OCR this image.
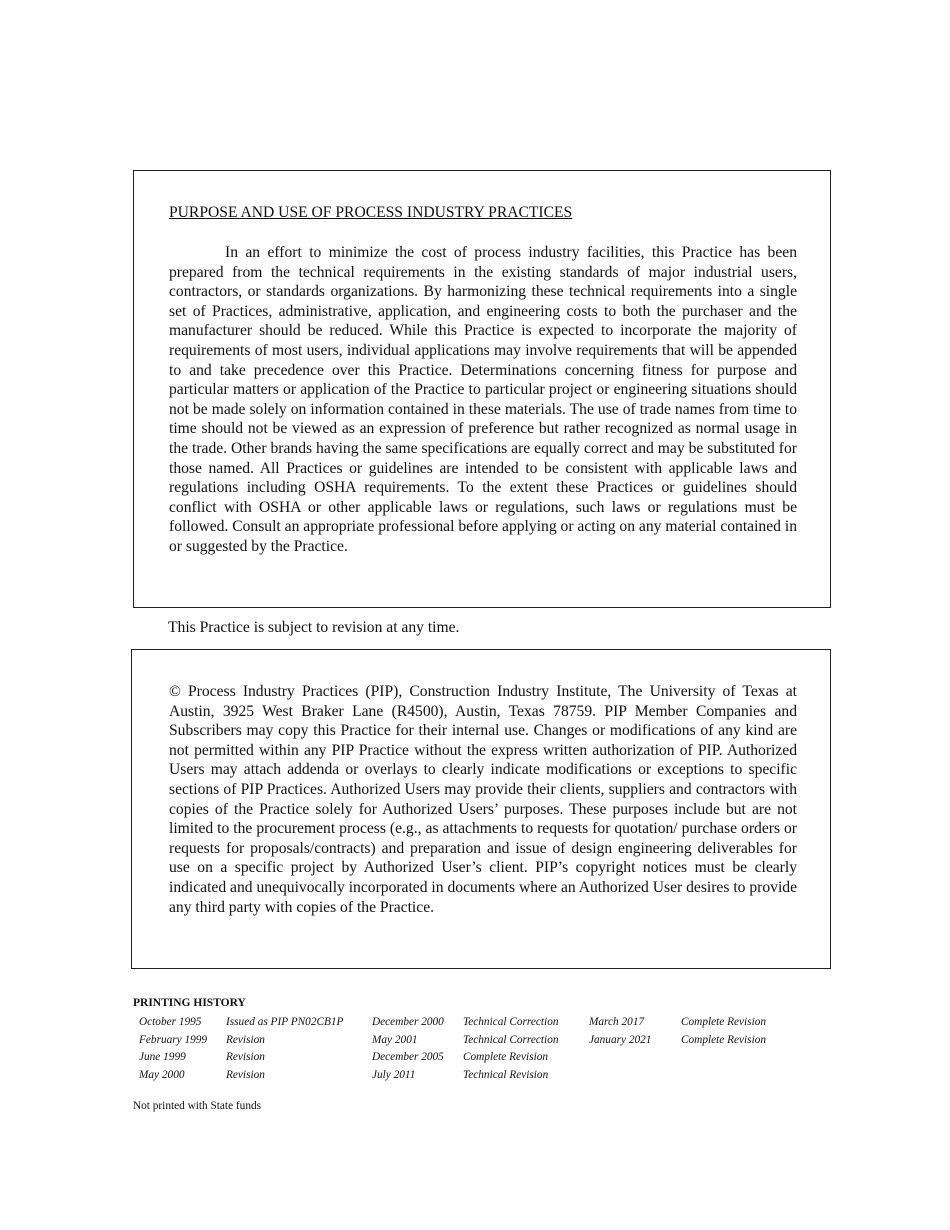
PURPOSE AND USE OF PROCESS INDUSTRY PRACTICES

In an effort to minimize the cost of process industry facilities, this Practice has been prepared from the technical requirements in the existing standards of major industrial users, contractors, or standards organizations. By harmonizing these technical requirements into a single set of Practices, administrative, application, and engineering costs to both the purchaser and the manufacturer should be reduced. While this Practice is expected to incorporate the majority of requirements of most users, individual applications may involve requirements that will be appended to and take precedence over this Practice. Determinations concerning fitness for purpose and particular matters or application of the Practice to particular project or engineering situations should not be made solely on information contained in these materials. The use of trade names from time to time should not be viewed as an expression of preference but rather recognized as normal usage in the trade. Other brands having the same specifications are equally correct and may be substituted for those named. All Practices or guidelines are intended to be consistent with applicable laws and regulations including OSHA requirements. To the extent these Practices or guidelines should conflict with OSHA or other applicable laws or regulations, such laws or regulations must be followed. Consult an appropriate professional before applying or acting on any material contained in or suggested by the Practice.

This Practice is subject to revision at any time.

© Process Industry Practices (PIP), Construction Industry Institute, The University of Texas at Austin, 3925 West Braker Lane (R4500), Austin, Texas 78759. PIP Member Companies and Subscribers may copy this Practice for their internal use. Changes or modifications of any kind are not permitted within any PIP Practice without the express written authorization of PIP. Authorized Users may attach addenda or overlays to clearly indicate modifications or exceptions to specific sections of PIP Practices. Authorized Users may provide their clients, suppliers and contractors with copies of the Practice solely for Authorized Users’ purposes. These purposes include but are not limited to the procurement process (e.g., as attachments to requests for quotation/ purchase orders or requests for proposals/contracts) and preparation and issue of design engineering deliverables for use on a specific project by Authorized User’s client. PIP’s copyright notices must be clearly indicated and unequivocally incorporated in documents where an Authorized User desires to provide any third party with copies of the Practice.

PRINTING HISTORY
October 1995 Issued as PIP PN02CB1P	December 2000 Technical Correction	March 2017	Complete Revision
February 1999 Revision	May 2001	Technical Correction	January 2021	Complete Revision
June 1999	Revision	December 2005 Complete Revision
May 2000	Revision	July 2011	Technical Revision

Not printed with State funds
